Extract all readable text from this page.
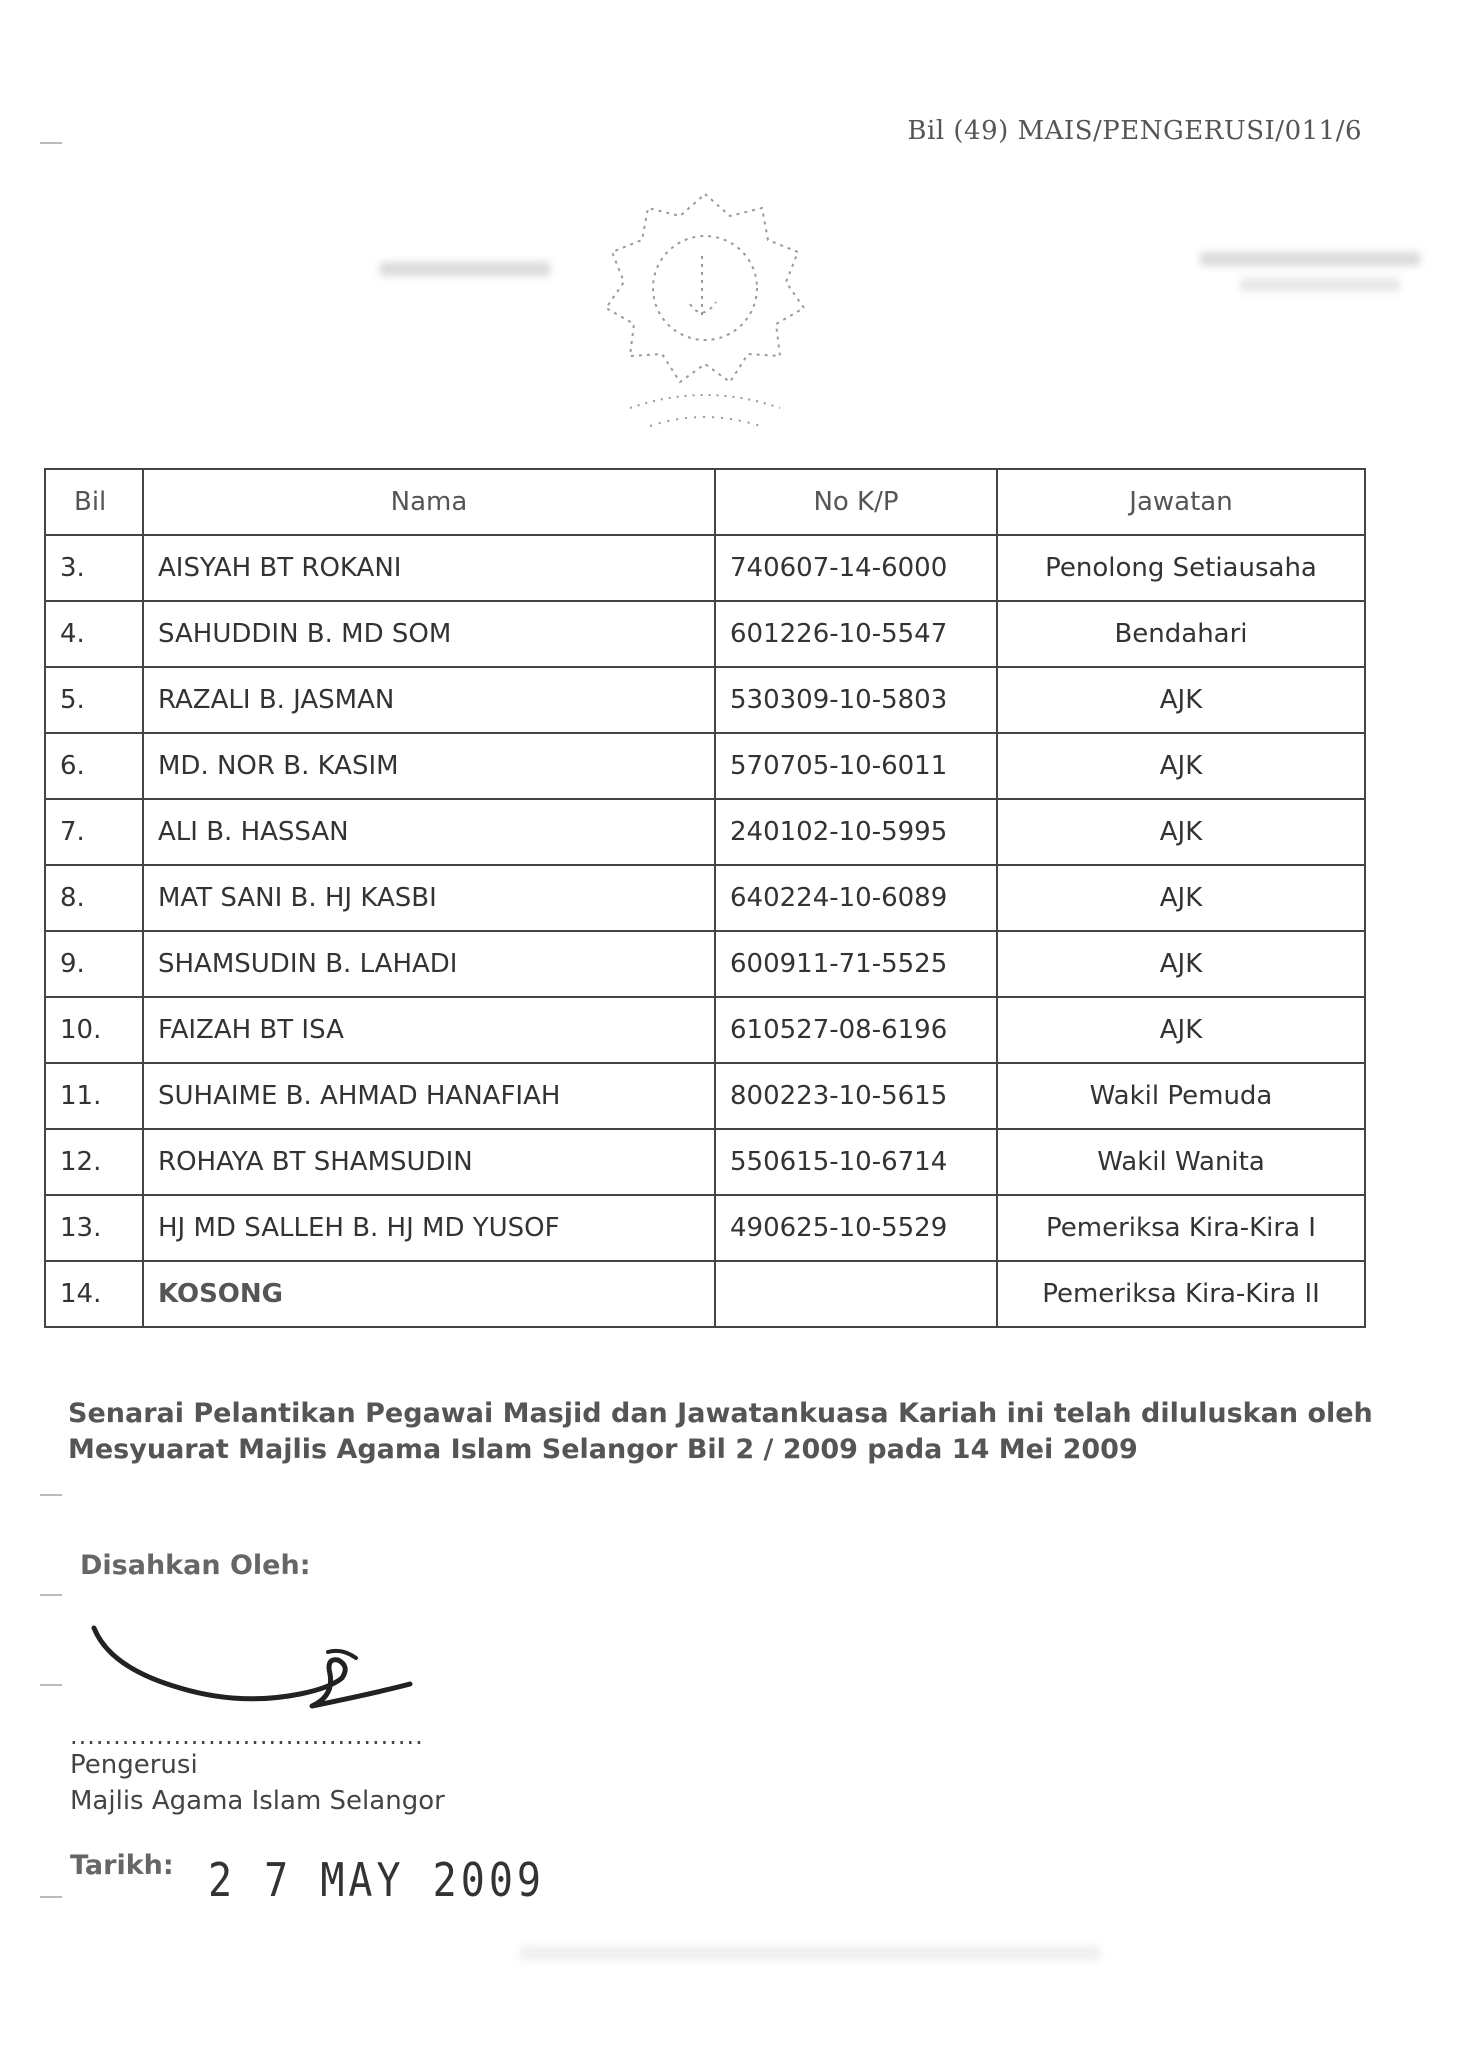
Bil (49) MAIS/PENGERUSI/011/6
Bil	Nama	No K/P	Jawatan
3.	AISYAH BT ROKANI	740607-14-6000	Penolong Setiausaha
4.	SAHUDDIN B. MD SOM	601226-10-5547	Bendahari
5.	RAZALI B. JASMAN	530309-10-5803	AJK
6.	MD. NOR B. KASIM	570705-10-6011	AJK
7.	ALI B. HASSAN	240102-10-5995	AJK
8.	MAT SANI B. HJ KASBI	640224-10-6089	AJK
9.	SHAMSUDIN B. LAHADI	600911-71-5525	AJK
10.	FAIZAH BT ISA	610527-08-6196	AJK
11.	SUHAIME B. AHMAD HANAFIAH	800223-10-5615	Wakil Pemuda
12.	ROHAYA BT SHAMSUDIN	550615-10-6714	Wakil Wanita
13.	HJ MD SALLEH B. HJ MD YUSOF	490625-10-5529	Pemeriksa Kira-Kira I
14.	KOSONG		Pemeriksa Kira-Kira II
Senarai Pelantikan Pegawai Masjid dan Jawatankuasa Kariah ini telah diluluskan oleh
Mesyuarat Majlis Agama Islam Selangor Bil 2 / 2009 pada 14 Mei 2009
Disahkan Oleh:
.........................................
Pengerusi
Majlis Agama Islam Selangor
Tarikh: 2 7 MAY 2009
